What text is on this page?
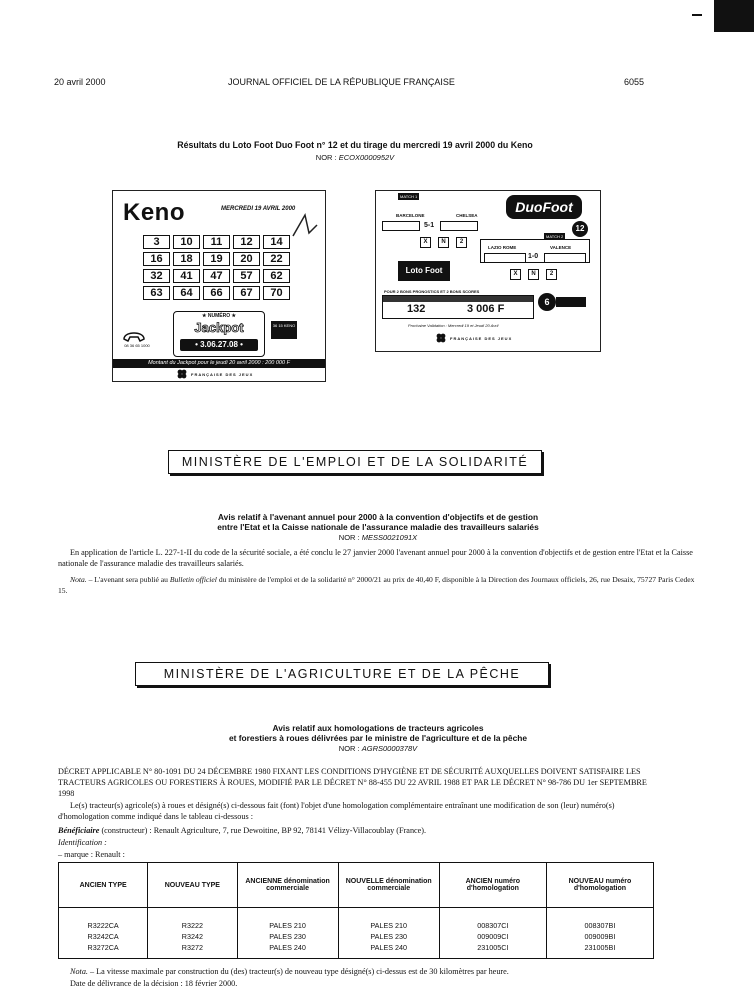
20 avril 2000	JOURNAL OFFICIEL DE LA RÉPUBLIQUE FRANÇAISE	6055
Résultats du Loto Foot Duo Foot n° 12 et du tirage du mercredi 19 avril 2000 du Keno
NOR : ECOX0000952V
Keno	MERCREDI 19 AVRIL 2000
3	10	11	12	14
16	18	19	20	22
32	41	47	57	62
63	64	66	67	70
08 36 65 1000
★ NUMÉRO ★
Jackpot
• 3.06.27.08 •
36 15 KENO
Montant du Jackpot pour le jeudi 20 avril 2000 : 200 000 F
FRANÇAISE DES JEUX
MATCH 1
DuoFoot
12
BARCELONE	CHELSEA
5-1
X	N	2
MATCH 2
LAZIO ROME	VALENCE
1-0
X	N	2
Loto Foot
POUR 2 BONS PRONOSTICS ET 2 BONS SCORES
132	3 006 F
6
Prochaine Validation : Mercredi 19 et Jeudi 20 Avril
FRANÇAISE DES JEUX
MINISTÈRE DE L'EMPLOI ET DE LA SOLIDARITÉ
Avis relatif à l'avenant annuel pour 2000 à la convention d'objectifs et de gestion
entre l'Etat et la Caisse nationale de l'assurance maladie des travailleurs salariés
NOR : MESS0021091X
En application de l'article L. 227-1-II du code de la sécurité sociale, a été conclu le 27 janvier 2000 l'avenant annuel pour 2000 à la convention d'objectifs et de gestion entre l'Etat et la Caisse nationale de l'assurance maladie des travailleurs salariés.
Nota. – L'avenant sera publié au Bulletin officiel du ministère de l'emploi et de la solidarité n° 2000/21 au prix de 40,40 F, disponible à la Direction des Journaux officiels, 26, rue Desaix, 75727 Paris Cedex 15.
MINISTÈRE DE L'AGRICULTURE ET DE LA PÊCHE
Avis relatif aux homologations de tracteurs agricoles
et forestiers à roues délivrées par le ministre de l'agriculture et de la pêche
NOR : AGRS0000378V
DÉCRET APPLICABLE N° 80-1091 DU 24 DÉCEMBRE 1980 FIXANT LES CONDITIONS D'HYGIÈNE ET DE SÉCURITÉ AUXQUELLES DOIVENT SATISFAIRE LES TRACTEURS AGRICOLES OU FORESTIERS À ROUES, MODIFIÉ PAR LE DÉCRET N° 88-455 DU 22 AVRIL 1988 ET PAR LE DÉCRET N° 98-786 DU 1er SEPTEMBRE 1998
Le(s) tracteur(s) agricole(s) à roues et désigné(s) ci-dessous fait (font) l'objet d'une homologation complémentaire entraînant une modification de son (leur) numéro(s) d'homologation comme indiqué dans le tableau ci-dessous :
Bénéficiaire (constructeur) : Renault Agriculture, 7, rue Dewoitine, BP 92, 78141 Vélizy-Villacoublay (France).
Identification :
– marque : Renault :
ANCIEN TYPE	NOUVEAU TYPE	ANCIENNE dénomination commerciale	NOUVELLE dénomination commerciale	ANCIEN numéro d'homologation	NOUVEAU numéro d'homologation

R3222CA	R3222	PALES 210	PALES 210	008307CI	008307BI
R3242CA	R3242	PALES 230	PALES 230	009009CI	009009BI
R3272CA	R3272	PALES 240	PALES 240	231005CI	231005BI
Nota. – La vitesse maximale par construction du (des) tracteur(s) de nouveau type désigné(s) ci-dessus est de 30 kilomètres par heure.
Date de délivrance de la décision : 18 février 2000.
